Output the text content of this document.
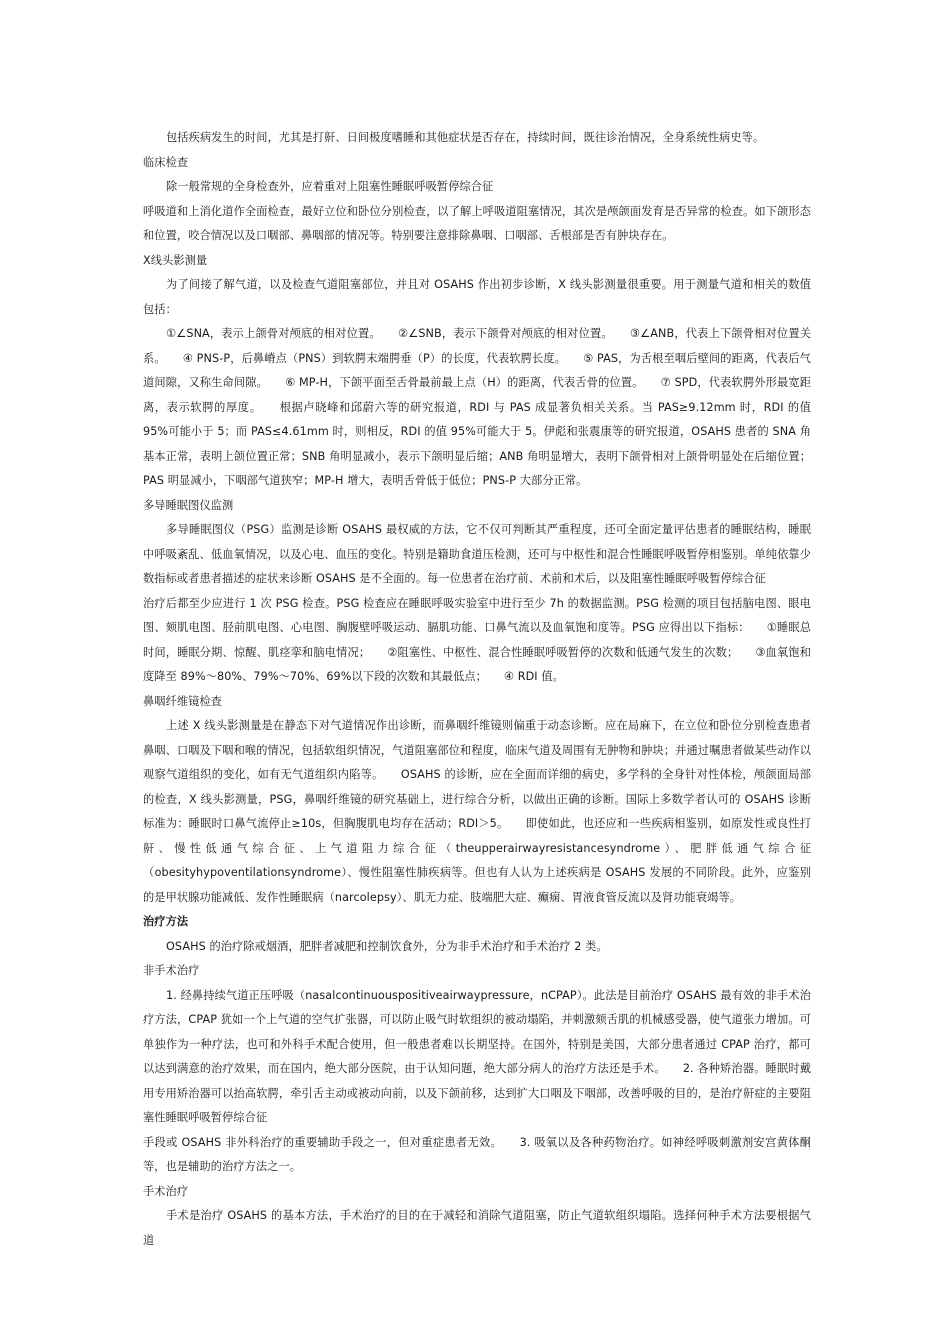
包括疾病发生的时间，尤其是打鼾、日间极度嗜睡和其他症状是否存在，持续时间，既往诊治情况，全身系统性病史等。

临床检查

除一般常规的全身检查外，应着重对上阻塞性睡眠呼吸暂停综合征

呼吸道和上消化道作全面检查，最好立位和卧位分别检查，以了解上呼吸道阻塞情况，其次是颅颌面发育是否异常的检查。如下颌形态和位置，咬合情况以及口咽部、鼻咽部的情况等。特别要注意排除鼻咽、口咽部、舌根部是否有肿块存在。

X线头影测量

为了间接了解气道，以及检查气道阻塞部位，并且对 OSAHS 作出初步诊断，X 线头影测量很重要。用于测量气道和相关的数值包括：

①∠SNA，表示上颌骨对颅底的相对位置。　　②∠SNB，表示下颌骨对颅底的相对位置。　　③∠ANB，代表上下颌骨相对位置关系。　　④ PNS-P，后鼻嵴点（PNS）到软腭末端腭垂（P）的长度，代表软腭长度。　　⑤ PAS，为舌根至咽后壁间的距离，代表后气道间隙，又称生命间隙。　　⑥ MP-H，下颌平面至舌骨最前最上点（H）的距离，代表舌骨的位置。　　⑦ SPD，代表软腭外形最宽距离，表示软腭的厚度。　　根据卢晓峰和邱蔚六等的研究报道，RDI 与 PAS 成显著负相关关系。当 PAS≥9.12mm 时，RDI 的值 95%可能小于 5；而 PAS≤4.61mm 时，则相反，RDI 的值 95%可能大于 5。伊彪和张震康等的研究报道，OSAHS 患者的 SNA 角基本正常，表明上颌位置正常；SNB 角明显减小，表示下颌明显后缩；ANB 角明显增大，表明下颌骨相对上颌骨明显处在后缩位置；PAS 明显减小，下咽部气道狭窄；MP-H 增大，表明舌骨低于低位；PNS-P 大部分正常。

多导睡眠图仪监测

多导睡眠图仪（PSG）监测是诊断 OSAHS 最权威的方法，它不仅可判断其严重程度，还可全面定量评估患者的睡眠结构，睡眠中呼吸紊乱、低血氧情况，以及心电、血压的变化。特别是籍助食道压检测，还可与中枢性和混合性睡眠呼吸暂停相鉴别。单纯依靠少数指标或者患者描述的症状来诊断 OSAHS 是不全面的。每一位患者在治疗前、术前和术后，以及阻塞性睡眠呼吸暂停综合征

治疗后都至少应进行 1 次 PSG 检查。PSG 检查应在睡眠呼吸实验室中进行至少 7h 的数据监测。PSG 检测的项目包括脑电图、眼电图、颏肌电图、胫前肌电图、心电图、胸腹壁呼吸运动、膈肌功能、口鼻气流以及血氧饱和度等。PSG 应得出以下指标：　　①睡眠总时间，睡眠分期、惊醒、肌痉挛和脑电情况；　　②阻塞性、中枢性、混合性睡眠呼吸暂停的次数和低通气发生的次数；　　③血氧饱和度降至 89%～80%、79%～70%、69%以下段的次数和其最低点；　　④ RDI 值。

鼻咽纤维镜检查

上述 X 线头影测量是在静态下对气道情况作出诊断，而鼻咽纤维镜则偏重于动态诊断。应在局麻下，在立位和卧位分别检查患者鼻咽、口咽及下咽和喉的情况，包括软组织情况，气道阻塞部位和程度，临床气道及周围有无肿物和肿块；并通过嘱患者做某些动作以观察气道组织的变化，如有无气道组织内陷等。　　OSAHS 的诊断，应在全面而详细的病史，多学科的全身针对性体检，颅颌面局部的检查，X 线头影测量，PSG，鼻咽纤维镜的研究基础上，进行综合分析，以做出正确的诊断。国际上多数学者认可的 OSAHS 诊断标准为：睡眠时口鼻气流停止≥10s，但胸腹肌电均存在活动；RDI＞5。　　即使如此，也还应和一些疾病相鉴别，如原发性或良性打鼾、慢性低通气综合征、上气道阻力综合征（theupperairwayresistancesyndrome）、肥胖低通气综合征（obesityhypoventilationsyndrome）、慢性阻塞性肺疾病等。但也有人认为上述疾病是 OSAHS 发展的不同阶段。此外，应鉴别的是甲状腺功能减低、发作性睡眠病（narcolepsy）、肌无力症、肢端肥大症、癫痫、胃液食管反流以及肾功能衰竭等。

治疗方法

OSAHS 的治疗除戒烟酒，肥胖者减肥和控制饮食外，分为非手术治疗和手术治疗 2 类。

非手术治疗

1. 经鼻持续气道正压呼吸（nasalcontinuouspositiveairwaypressure，nCPAP）。此法是目前治疗 OSAHS 最有效的非手术治疗方法，CPAP 犹如一个上气道的空气扩张器，可以防止吸气时软组织的被动塌陷，并刺激颏舌肌的机械感受器，使气道张力增加。可单独作为一种疗法，也可和外科手术配合使用，但一般患者难以长期坚持。在国外，特别是美国，大部分患者通过 CPAP 治疗，都可以达到满意的治疗效果，而在国内，绝大部分医院，由于认知问题，绝大部分病人的治疗方法还是手术。　　2. 各种矫治器。睡眠时戴用专用矫治器可以抬高软腭，牵引舌主动或被动向前，以及下颌前移，达到扩大口咽及下咽部，改善呼吸的目的，是治疗鼾症的主要阻塞性睡眠呼吸暂停综合征

手段或 OSAHS 非外科治疗的重要辅助手段之一，但对重症患者无效。　　3. 吸氧以及各种药物治疗。如神经呼吸刺激剂安宫黄体酮等，也是辅助的治疗方法之一。

手术治疗

手术是治疗 OSAHS 的基本方法，手术治疗的目的在于减轻和消除气道阻塞，防止气道软组织塌陷。选择何种手术方法要根据气道
